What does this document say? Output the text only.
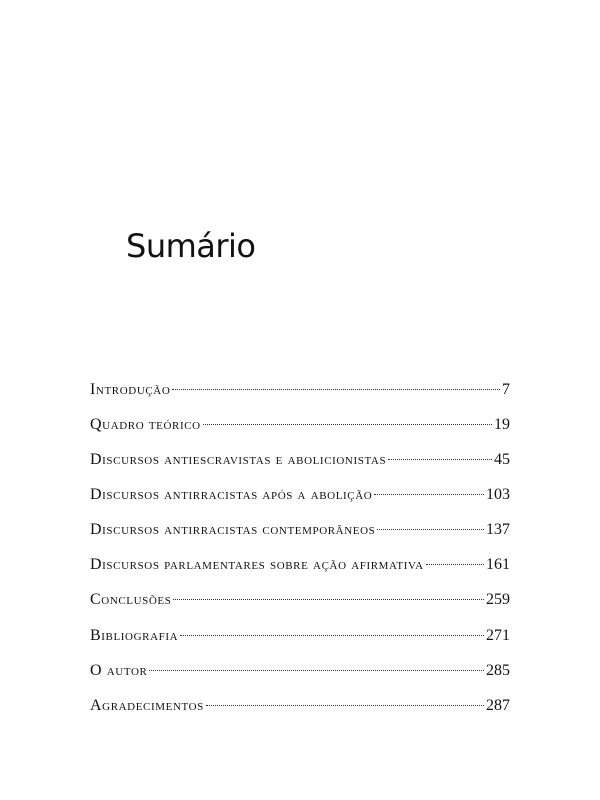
Sumário
Introdução	7
Quadro teórico	19
Discursos antiescravistas e abolicionistas	45
Discursos antirracistas após a abolição	103
Discursos antirracistas contemporâneos	137
Discursos parlamentares sobre ação afirmativa	161
Conclusões	259
Bibliografia	271
O autor	285
Agradecimentos	287
